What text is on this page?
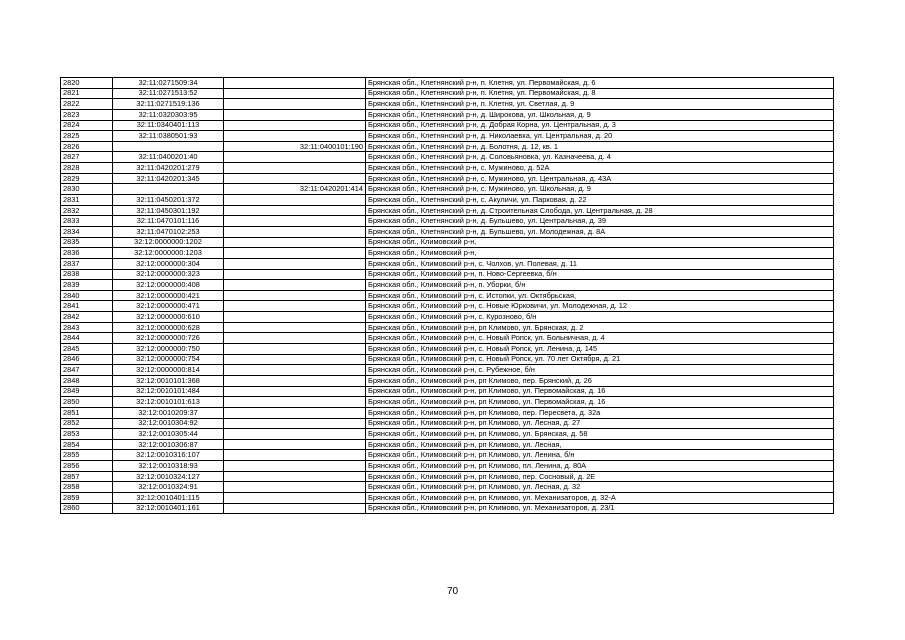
2820	32:11:0271509:34		Брянская обл., Клетнянский р-н, п. Клетня, ул. Первомайская, д. 6
2821	32:11:0271513:52		Брянская обл., Клетнянский р-н, п. Клетня, ул. Первомайская, д. 8
2822	32:11:0271519:136		Брянская обл., Клетнянский р-н, п. Клетня, ул. Светлая, д. 9
2823	32:11:0320303:95		Брянская обл., Клетнянский р-н, д. Широкова, ул. Школьная, д. 9
2824	32:11:0340401:113		Брянская обл., Клетнянский р-н, д. Добрая Корна, ул. Центральная, д. 3
2825	32:11:0380501:93		Брянская обл., Клетнянский р-н, д. Николаевка, ул. Центральная, д. 20
2826		32:11:0400101:190	Брянская обл., Клетнянский р-н, д. Болотня, д. 12, кв. 1
2827	32:11:0400201:40		Брянская обл., Клетнянский р-н, д. Соловьяновка, ул. Казначеева, д. 4
2828	32:11:0420201:279		Брянская обл., Клетнянский р-н, с. Мужиново, д. 52А
2829	32:11:0420201:345		Брянская обл., Клетнянский р-н, с. Мужиново, ул. Центральная, д. 43А
2830		32:11:0420201:414	Брянская обл., Клетнянский р-н, с. Мужиново, ул. Школьная, д. 9
2831	32:11:0450201:372		Брянская обл., Клетнянский р-н, с. Акуличи, ул. Парковая, д. 22
2832	32:11:0450301:192		Брянская обл., Клетнянский р-н, д. Строительная Слобода, ул. Центральная, д. 28
2833	32:11:0470101:116		Брянская обл., Клетнянский р-н, д. Бульшево, ул. Центральная, д. 39
2834	32:11:0470102:253		Брянская обл., Клетнянский р-н, д. Бульшево, ул. Молодежная, д. 8А
2835	32:12:0000000:1202		Брянская обл., Климовский р-н,
2836	32:12:0000000:1203		Брянская обл., Климовский р-н,
2837	32:12:0000000:304		Брянская обл., Климовский р-н, с. Чолхов, ул. Полевая, д. 11
2838	32:12:0000000:323		Брянская обл., Климовский р-н, п. Ново-Сергеевка, б/н
2839	32:12:0000000:408		Брянская обл., Климовский р-н, п. Уборки, б/н
2840	32:12:0000000:421		Брянская обл., Климовский р-н, с. Истопки, ул. Октябрьская,
2841	32:12:0000000:471		Брянская обл., Климовский р-н, с. Новые Юрковичи, ул. Молодежная, д. 12
2842	32:12:0000000:610		Брянская обл., Климовский р-н, с. Курозново, б/н
2843	32:12:0000000:628		Брянская обл., Климовский р-н, рп Климово, ул. Брянская, д. 2
2844	32:12:0000000:726		Брянская обл., Климовский р-н, с. Новый Ропск, ул. Больничная, д. 4
2845	32:12:0000000:750		Брянская обл., Климовский р-н, с. Новый Ропск, ул. Ленина, д. 145
2846	32:12:0000000:754		Брянская обл., Климовский р-н, с. Новый Ропск, ул. 70 лет Октября, д. 21
2847	32:12:0000000:814		Брянская обл., Климовский р-н, с. Рубежное, б/н
2848	32:12:0010101:368		Брянская обл., Климовский р-н, рп Климово, пер. Брянский, д. 26
2849	32:12:0010101:484		Брянская обл., Климовский р-н, рп Климово, ул. Первомайская, д. 16
2850	32:12:0010101:613		Брянская обл., Климовский р-н, рп Климово, ул. Первомайская, д. 16
2851	32:12:0010209:37		Брянская обл., Климовский р-н, рп Климово, пер. Пересвета, д. 32а
2852	32:12:0010304:92		Брянская обл., Климовский р-н, рп Климово, ул. Лесная, д. 27
2853	32:12:0010305:44		Брянская обл., Климовский р-н, рп Климово, ул. Брянская, д. 58
2854	32:12:0010306:87		Брянская обл., Климовский р-н, рп Климово, ул. Лесная,
2855	32:12:0010316:107		Брянская обл., Климовский р-н, рп Климово, ул. Ленина, б/н
2856	32:12:0010318:93		Брянская обл., Климовский р-н, рп Климово, пл. Ленина, д. 80А
2857	32:12:0010324:127		Брянская обл., Климовский р-н, рп Климово, пер. Сосновый, д. 2Е
2858	32:12:0010324:91		Брянская обл., Климовский р-н, рп Климово, ул. Лесная, д. 32
2859	32:12:0010401:115		Брянская обл., Климовский р-н, рп Климово, ул. Механизаторов, д. 32-А
2860	32:12:0010401:161		Брянская обл., Климовский р-н, рп Климово, ул. Механизаторов, д. 23/1
70
